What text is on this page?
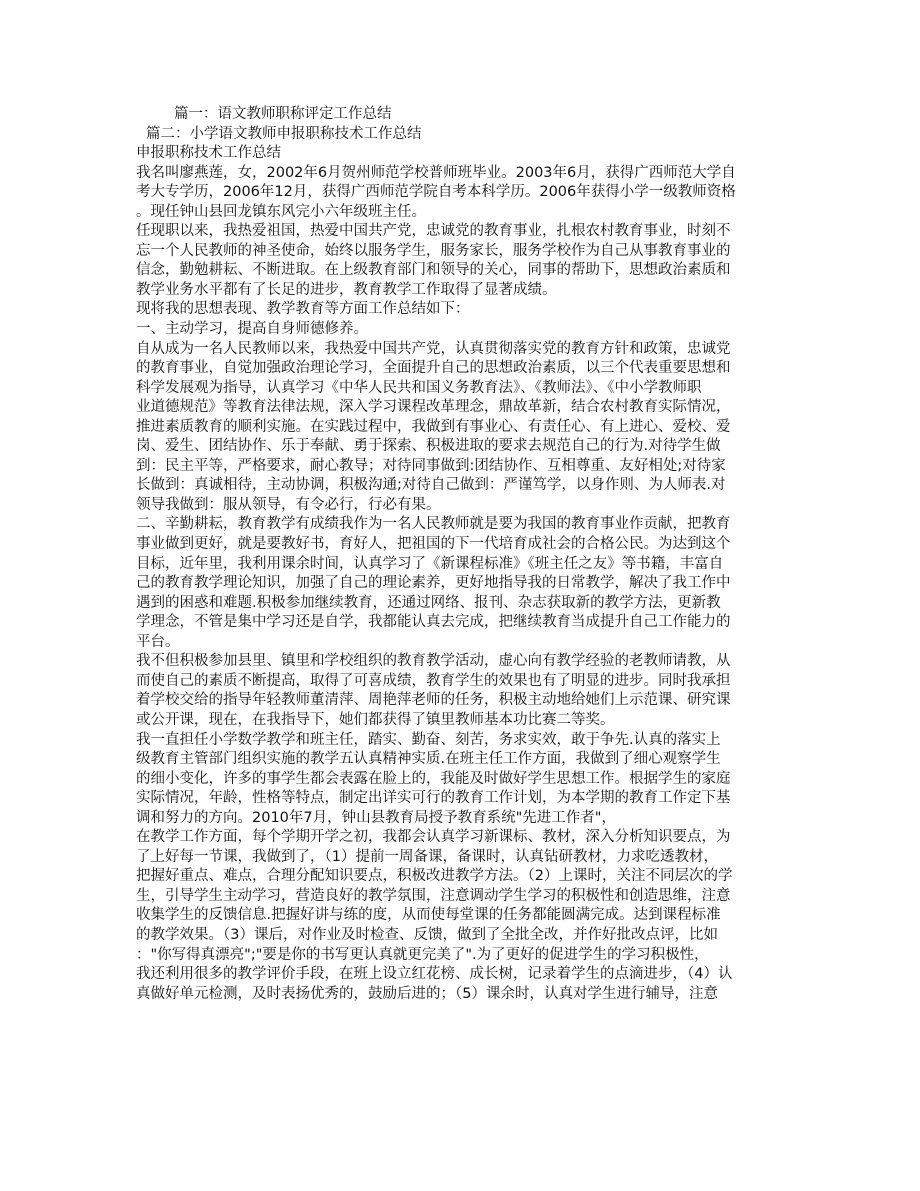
篇一：语文教师职称评定工作总结
篇二：小学语文教师申报职称技术工作总结
申报职称技术工作总结

我名叫廖燕莲，女，2002年6月贺州师范学校普师班毕业。2003年6月，获得广西师范大学自
考大专学历，2006年12月，获得广西师范学院自考本科学历。2006年获得小学一级教师资格
。现任钟山县回龙镇东风完小六年级班主任。

任现职以来，我热爱祖国，热爱中国共产党，忠诚党的教育事业，扎根农村教育事业，时刻不
忘一个人民教师的神圣使命，始终以服务学生，服务家长，服务学校作为自己从事教育事业的
信念，勤勉耕耘、不断进取。在上级教育部门和领导的关心，同事的帮助下，思想政治素质和
教学业务水平都有了长足的进步，教育教学工作取得了显著成绩。

现将我的思想表现、教学教育等方面工作总结如下：

一、主动学习，提高自身师德修养。

自从成为一名人民教师以来，我热爱中国共产党，认真贯彻落实党的教育方针和政策，忠诚党
的教育事业，自觉加强政治理论学习，全面提升自己的思想政治素质，以三个代表重要思想和
科学发展观为指导，认真学习《中华人民共和国义务教育法》、《教师法》、《中小学教师职
业道德规范》等教育法律法规，深入学习课程改革理念，鼎故革新，结合农村教育实际情况，
推进素质教育的顺利实施。在实践过程中，我做到有事业心、有责任心、有上进心、爱校、爱
岗、爱生、团结协作、乐于奉献、勇于探索、积极进取的要求去规范自己的行为.对待学生做
到：民主平等，严格要求，耐心教导；对待同事做到:团结协作、互相尊重、友好相处;对待家
长做到：真诚相待，主动协调，积极沟通;对待自己做到：严谨笃学，以身作则、为人师表.对
领导我做到：服从领导，有令必行，行必有果。

二、辛勤耕耘，教育教学有成绩我作为一名人民教师就是要为我国的教育事业作贡献，把教育
事业做到更好，就是要教好书，育好人，把祖国的下一代培育成社会的合格公民。为达到这个
目标，近年里，我利用课余时间，认真学习了《新课程标准》《班主任之友》等书籍，丰富自
己的教育教学理论知识，加强了自己的理论素养，更好地指导我的日常教学，解决了我工作中
遇到的困惑和难题.积极参加继续教育，还通过网络、报刊、杂志获取新的教学方法，更新教
学理念，不管是集中学习还是自学，我都能认真去完成，把继续教育当成提升自己工作能力的
平台。

我不但积极参加县里、镇里和学校组织的教育教学活动，虚心向有教学经验的老教师请教，从
而使自己的素质不断提高，取得了可喜成绩，教育学生的效果也有了明显的进步。同时我承担
着学校交给的指导年轻教师董清萍、周艳萍老师的任务，积极主动地给她们上示范课、研究课
或公开课，现在，在我指导下，她们都获得了镇里教师基本功比赛二等奖。

我一直担任小学数学教学和班主任，踏实、勤奋、刻苦，务求实效，敢于争先.认真的落实上
级教育主管部门组织实施的教学五认真精神实质.在班主任工作方面，我做到了细心观察学生
的细小变化，许多的事学生都会表露在脸上的，我能及时做好学生思想工作。根据学生的家庭
实际情况，年龄，性格等特点，制定出详实可行的教育工作计划，为本学期的教育工作定下基
调和努力的方向。2010年7月，钟山县教育局授予教育系统"先进工作者"，

在教学工作方面，每个学期开学之初，我都会认真学习新课标、教材，深入分析知识要点，为
了上好每一节课，我做到了，（1）提前一周备课，备课时，认真钻研教材，力求吃透教材，
把握好重点、难点，合理分配知识要点，积极改进教学方法。（2）上课时，关注不同层次的学
生，引导学生主动学习，营造良好的教学氛围，注意调动学生学习的积极性和创造思维，注意
收集学生的反馈信息.把握好讲与练的度，从而使每堂课的任务都能圆满完成。达到课程标准
的教学效果。（3）课后，对作业及时检查、反馈，做到了全批全改，并作好批改点评，比如
："你写得真漂亮";"要是你的书写更认真就更完美了".为了更好的促进学生的学习积极性，
我还利用很多的教学评价手段，在班上设立红花榜、成长树，记录着学生的点滴进步，（4）认
真做好单元检测，及时表扬优秀的，鼓励后进的；（5）课余时，认真对学生进行辅导，注意
